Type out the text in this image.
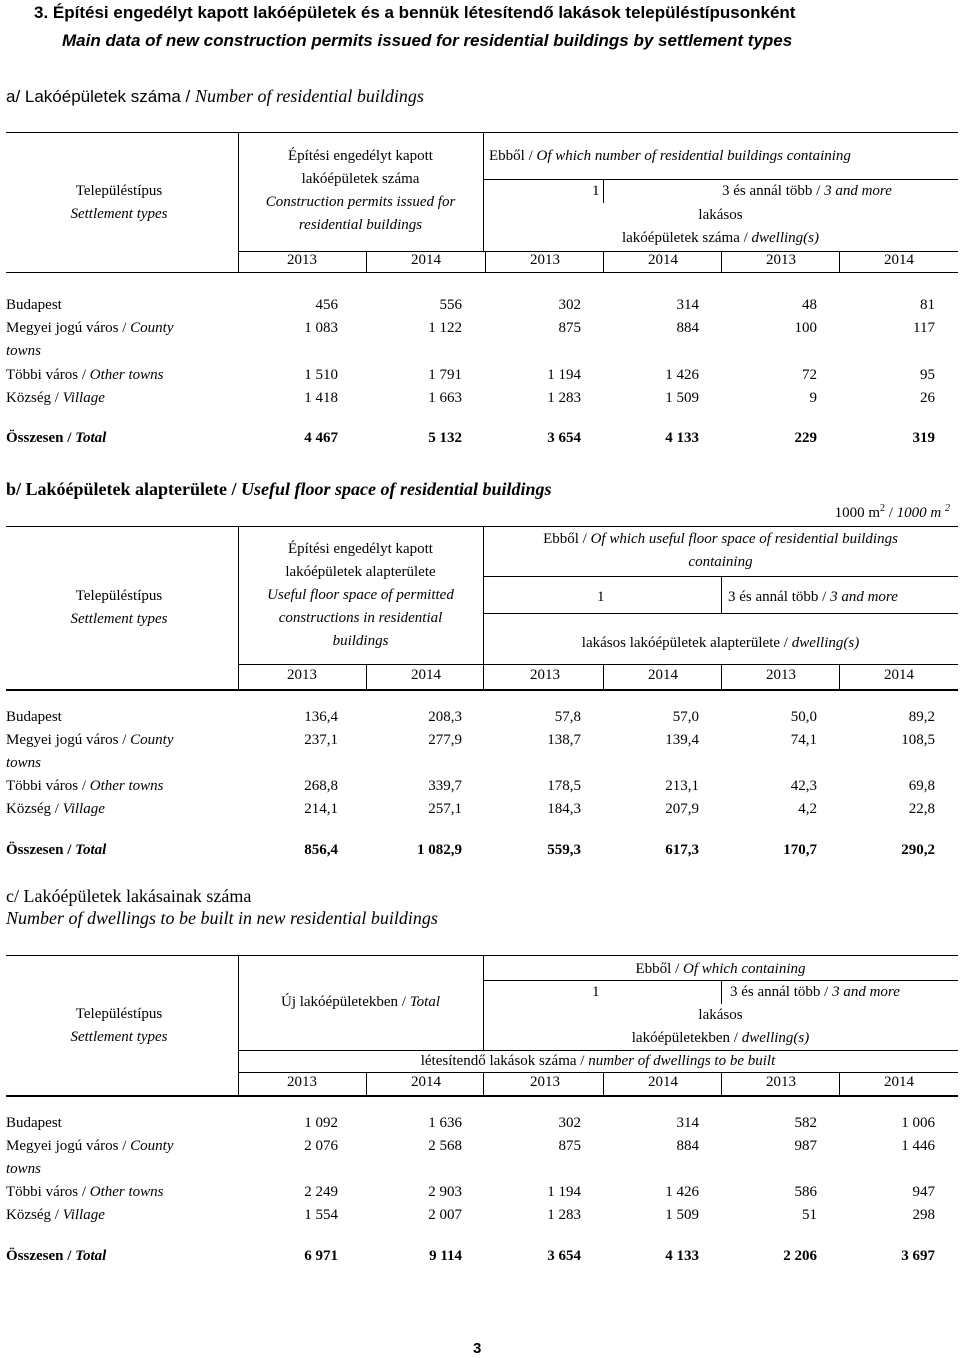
3. Építési engedélyt kapott lakóépületek és a bennük létesítendő lakások településtípusonként
Main data of new construction permits issued for residential buildings by settlement types
a/ Lakóépületek száma / Number of residential buildings
Településtípus
Settlement types
Építési engedélyt kapott
lakóépületek száma
Construction permits issued for
residential buildings
Ebből / Of which number of residential buildings containing
1	3 és annál több / 3 and more
lakásos
lakóépületek száma / dwelling(s)
2013	2014	2013	2014	2013	2014
Budapest	456	556	302	314	48	81
Megyei jogú város / County
towns
1 083	1 122	875	884	100	117
Többi város / Other towns	1 510	1 791	1 194	1 426	72	95
Község / Village	1 418	1 663	1 283	1 509	9	26
Összesen / Total	4 467	5 132	3 654	4 133	229	319
b/ Lakóépületek alapterülete / Useful floor space of residential buildings
1000 $m^2 / 1000$ m $^2$
Településtípus
Settlement types
Építési engedélyt kapott
lakóépületek alapterülete
Useful floor space of permitted
constructions in residential
buildings
Ebből / Of which useful floor space of residential buildings
containing
1	3 és annál több / 3 and more
lakásos lakóépületek alapterülete / dwelling(s)
2013	2014	2013	2014	2013	2014
Budapest	136,4	208,3	57,8	57,0	50,0	89,2
Megyei jogú város / County
towns
237,1	277,9	138,7	139,4	74,1	108,5
Többi város / Other towns	268,8	339,7	178,5	213,1	42,3	69,8
Község / Village	214,1	257,1	184,3	207,9	4,2	22,8
Összesen / Total	856,4	1 082,9	559,3	617,3	170,7	290,2
c/ Lakóépületek lakásainak száma
Number of dwellings to be built in new residential buildings
Településtípus
Settlement types
Új lakóépületekben / Total
Ebből / Of which containing
1	3 és annál több / 3 and more
lakásos
lakóépületekben / dwelling(s)
létesítendő lakások száma / number of dwellings to be built
2013	2014	2013	2014	2013	2014
Budapest	1 092	1 636	302	314	582	1 006
Megyei jogú város / County
towns
2 076	2 568	875	884	987	1 446
Többi város / Other towns	2 249	2 903	1 194	1 426	586	947
Község / Village	1 554	2 007	1 283	1 509	51	298
Összesen / Total	6 971	9 114	3 654	4 133	2 206	3 697
3
